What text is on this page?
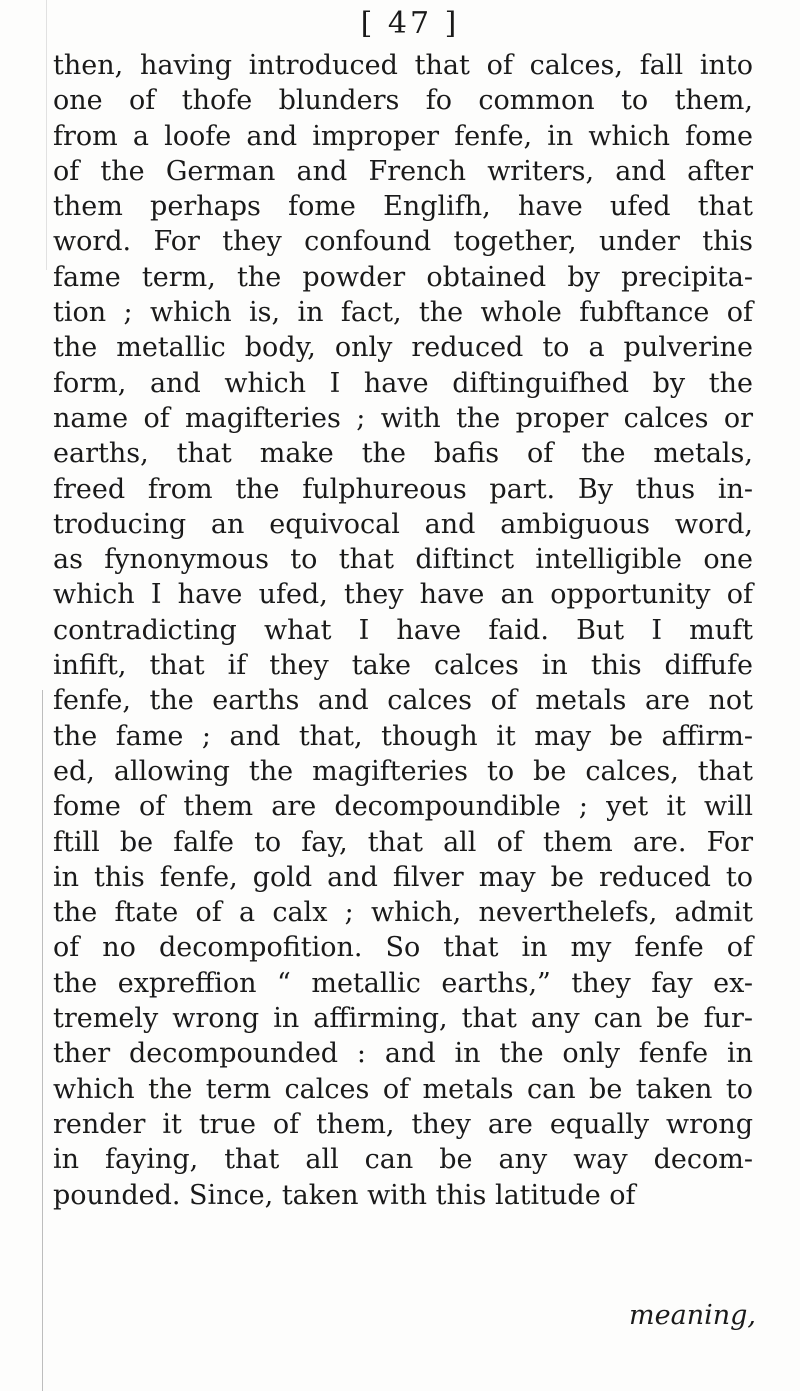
[ 47 ]
then, having introduced that of calces, fall into
one of thofe blunders fo common to them,
from a loofe and improper fenfe, in which fome
of the German and French writers, and after
them perhaps fome Englifh, have ufed that
word. For they confound together, under this
fame term, the powder obtained by precipita-
tion ; which is, in fact, the whole fubftance of
the metallic body, only reduced to a pulverine
form, and which I have diftinguifhed by the
name of magifteries ; with the proper calces or
earths, that make the bafis of the metals,
freed from the fulphureous part. By thus in-
troducing an equivocal and ambiguous word,
as fynonymous to that diftinct intelligible one
which I have ufed, they have an opportunity of
contradicting what I have faid. But I muft
infift, that if they take calces in this diffufe
fenfe, the earths and calces of metals are not
the fame ; and that, though it may be affirm-
ed, allowing the magifteries to be calces, that
fome of them are decompoundible ; yet it will
ftill be falfe to fay, that all of them are. For
in this fenfe, gold and filver may be reduced to
the ftate of a calx ; which, neverthelefs, admit
of no decompofition. So that in my fenfe of
the expreffion “ metallic earths,” they fay ex-
tremely wrong in affirming, that any can be fur-
ther decompounded : and in the only fenfe in
which the term calces of metals can be taken to
render it true of them, they are equally wrong
in faying, that all can be any way decom-
pounded. Since, taken with this latitude of
meaning,
